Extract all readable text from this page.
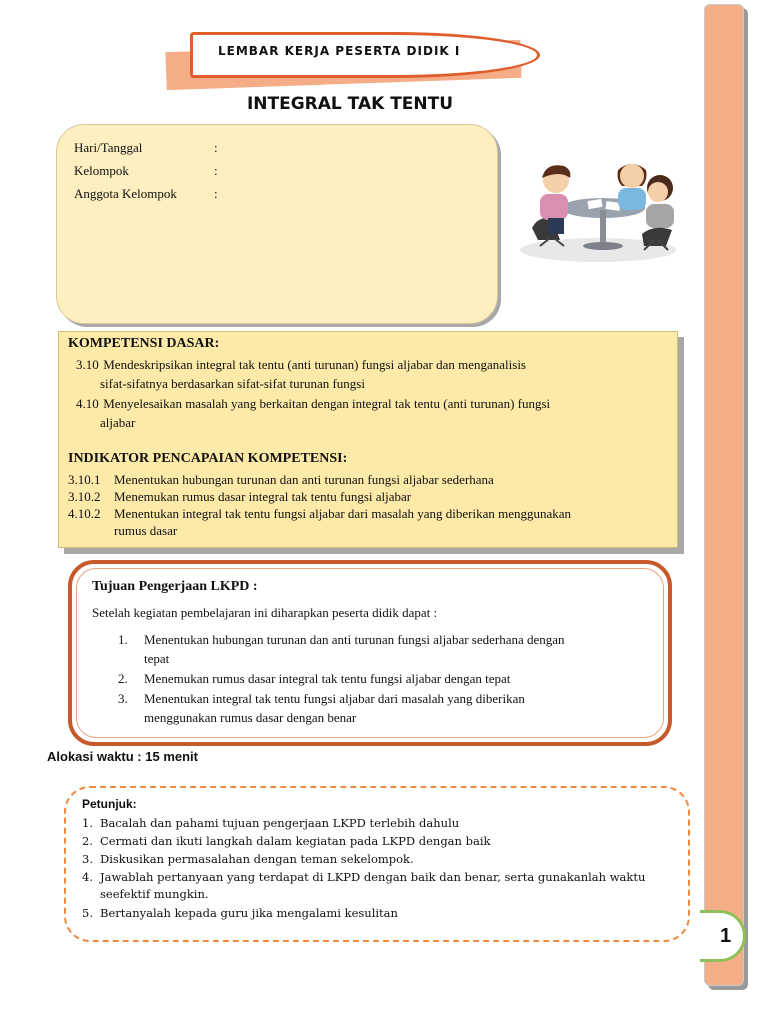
1
LEMBAR KERJA PESERTA DIDIK I
INTEGRAL TAK TENTU
Hari/Tanggal	:
Kelompok	:
Anggota Kelompok	:
KOMPETENSI DASAR:
3.10 Mendeskripsikan integral tak tentu (anti turunan) fungsi aljabar dan menganalisis
sifat-sifatnya berdasarkan sifat-sifat turunan fungsi
4.10 Menyelesaikan masalah yang berkaitan dengan integral tak tentu (anti turunan) fungsi
aljabar
INDIKATOR PENCAPAIAN KOMPETENSI:
3.10.1 Menentukan hubungan turunan dan anti turunan fungsi aljabar sederhana
3.10.2 Menemukan rumus dasar integral tak tentu fungsi aljabar
4.10.2 Menentukan integral tak tentu fungsi aljabar dari masalah yang diberikan menggunakan
rumus dasar
Tujuan Pengerjaan LKPD :
Setelah kegiatan pembelajaran ini diharapkan peserta didik dapat :
1. Menentukan hubungan turunan dan anti turunan fungsi aljabar sederhana dengan
tepat
2. Menemukan rumus dasar integral tak tentu fungsi aljabar dengan tepat
3. Menentukan integral tak tentu fungsi aljabar dari masalah yang diberikan
menggunakan rumus dasar dengan benar
Alokasi waktu : 15 menit
Petunjuk:
1. Bacalah dan pahami tujuan pengerjaan LKPD terlebih dahulu
2. Cermati dan ikuti langkah dalam kegiatan pada LKPD dengan baik
3. Diskusikan permasalahan dengan teman sekelompok.
4. Jawablah pertanyaan yang terdapat di LKPD dengan baik dan benar, serta gunakanlah waktu
seefektif mungkin.
5. Bertanyalah kepada guru jika mengalami kesulitan
